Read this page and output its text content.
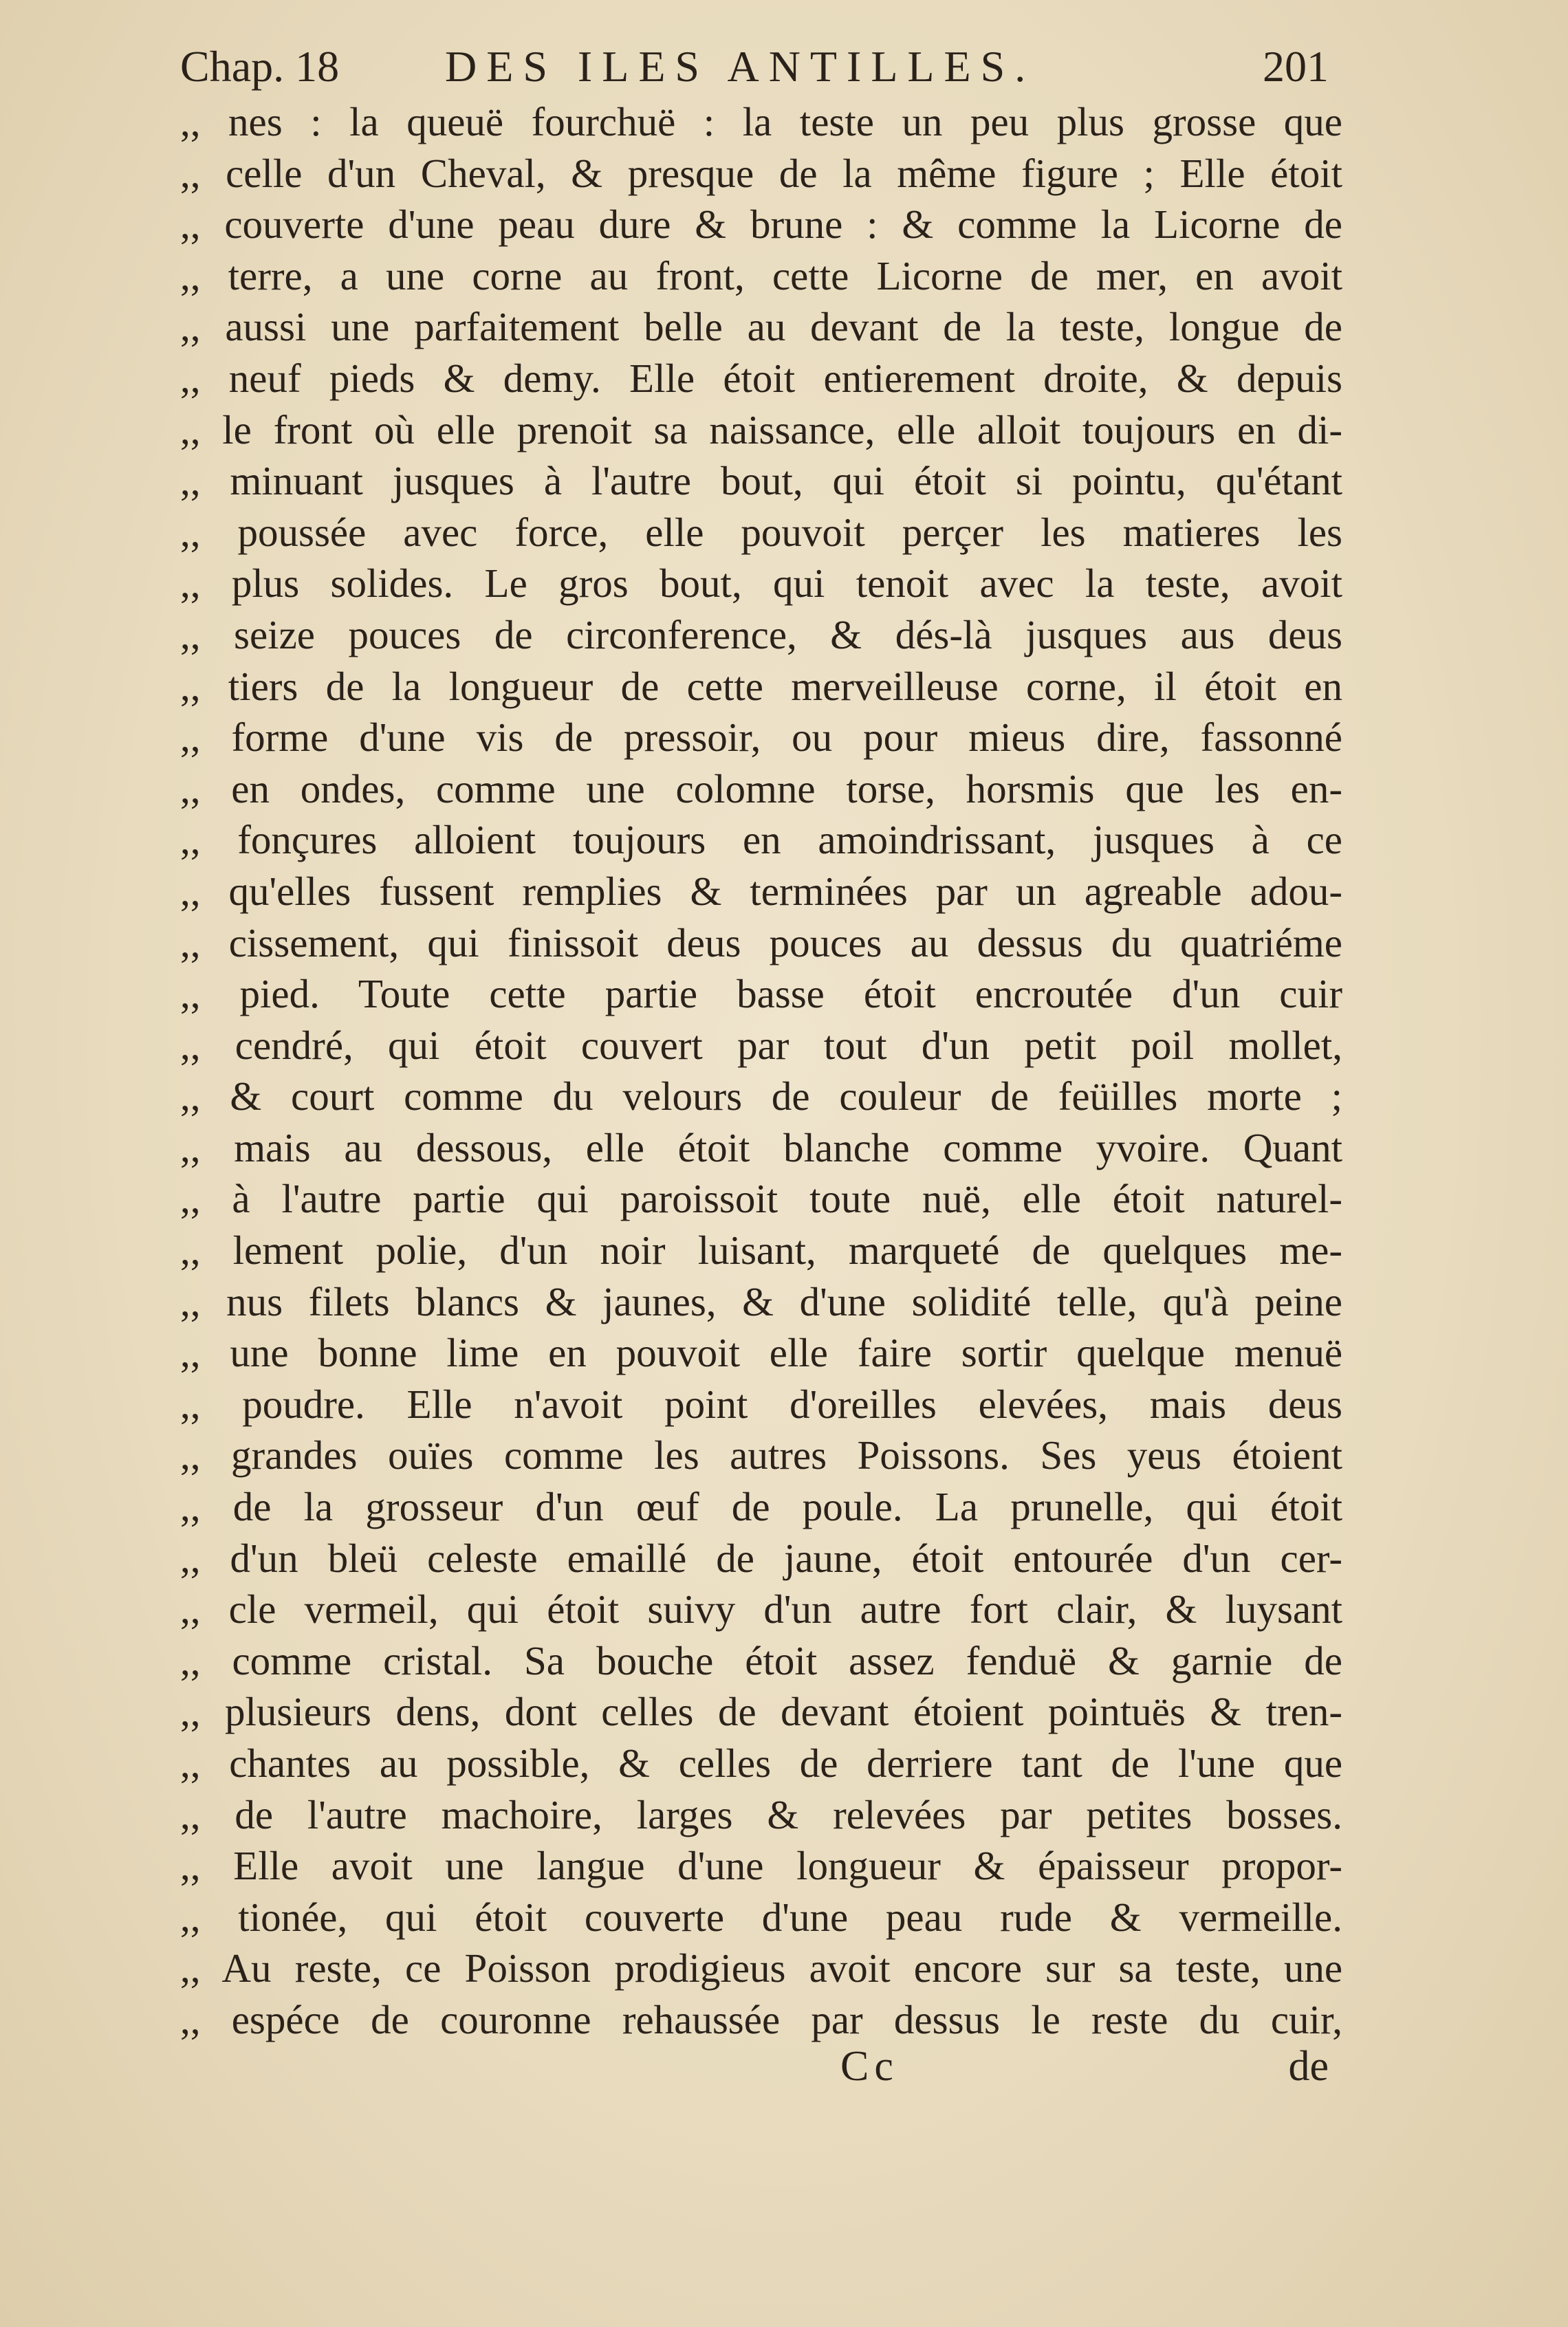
Chap. 18 DES ILES ANTILLES.	201
,, nes : la queuë fourchuë : la teste un peu plus grosse que
,, celle d'un Cheval, & presque de la même figure ; Elle étoit
,, couverte d'une peau dure & brune : & comme la Licorne de
,, terre, a une corne au front, cette Licorne de mer, en avoit
,, aussi une parfaitement belle au devant de la teste, longue de
,, neuf pieds & demy. Elle étoit entierement droite, & depuis
,, le front où elle prenoit sa naissance, elle alloit toujours en di-
,, minuant jusques à l'autre bout, qui étoit si pointu, qu'étant
,, poussée avec force, elle pouvoit perçer les matieres les
,, plus solides. Le gros bout, qui tenoit avec la teste, avoit
,, seize pouces de circonference, & dés-là jusques aus deus
,, tiers de la longueur de cette merveilleuse corne, il étoit en
,, forme d'une vis de pressoir, ou pour mieus dire, fassonné
,, en ondes, comme une colomne torse, horsmis que les en-
,, fonçures alloient toujours en amoindrissant, jusques à ce
,, qu'elles fussent remplies & terminées par un agreable adou-
,, cissement, qui finissoit deus pouces au dessus du quatriéme
,, pied. Toute cette partie basse étoit encroutée d'un cuir
,, cendré, qui étoit couvert par tout d'un petit poil mollet,
,, & court comme du velours de couleur de feüilles morte ;
,, mais au dessous, elle étoit blanche comme yvoire. Quant
,, à l'autre partie qui paroissoit toute nuë, elle étoit naturel-
,, lement polie, d'un noir luisant, marqueté de quelques me-
,, nus filets blancs & jaunes, & d'une solidité telle, qu'à peine
,, une bonne lime en pouvoit elle faire sortir quelque menuë
,, poudre. Elle n'avoit point d'oreilles elevées, mais deus
,, grandes ouïes comme les autres Poissons. Ses yeus étoient
,, de la grosseur d'un œuf de poule. La prunelle, qui étoit
,, d'un bleü celeste emaillé de jaune, étoit entourée d'un cer-
,, cle vermeil, qui étoit suivy d'un autre fort clair, & luysant
,, comme cristal. Sa bouche étoit assez fenduë & garnie de
,, plusieurs dens, dont celles de devant étoient pointuës & tren-
,, chantes au possible, & celles de derriere tant de l'une que
,, de l'autre machoire, larges & relevées par petites bosses.
,, Elle avoit une langue d'une longueur & épaisseur propor-
,, tionée, qui étoit couverte d'une peau rude & vermeille.
,, Au reste, ce Poisson prodigieus avoit encore sur sa teste, une
,, espéce de couronne rehaussée par dessus le reste du cuir,
Cc	de
